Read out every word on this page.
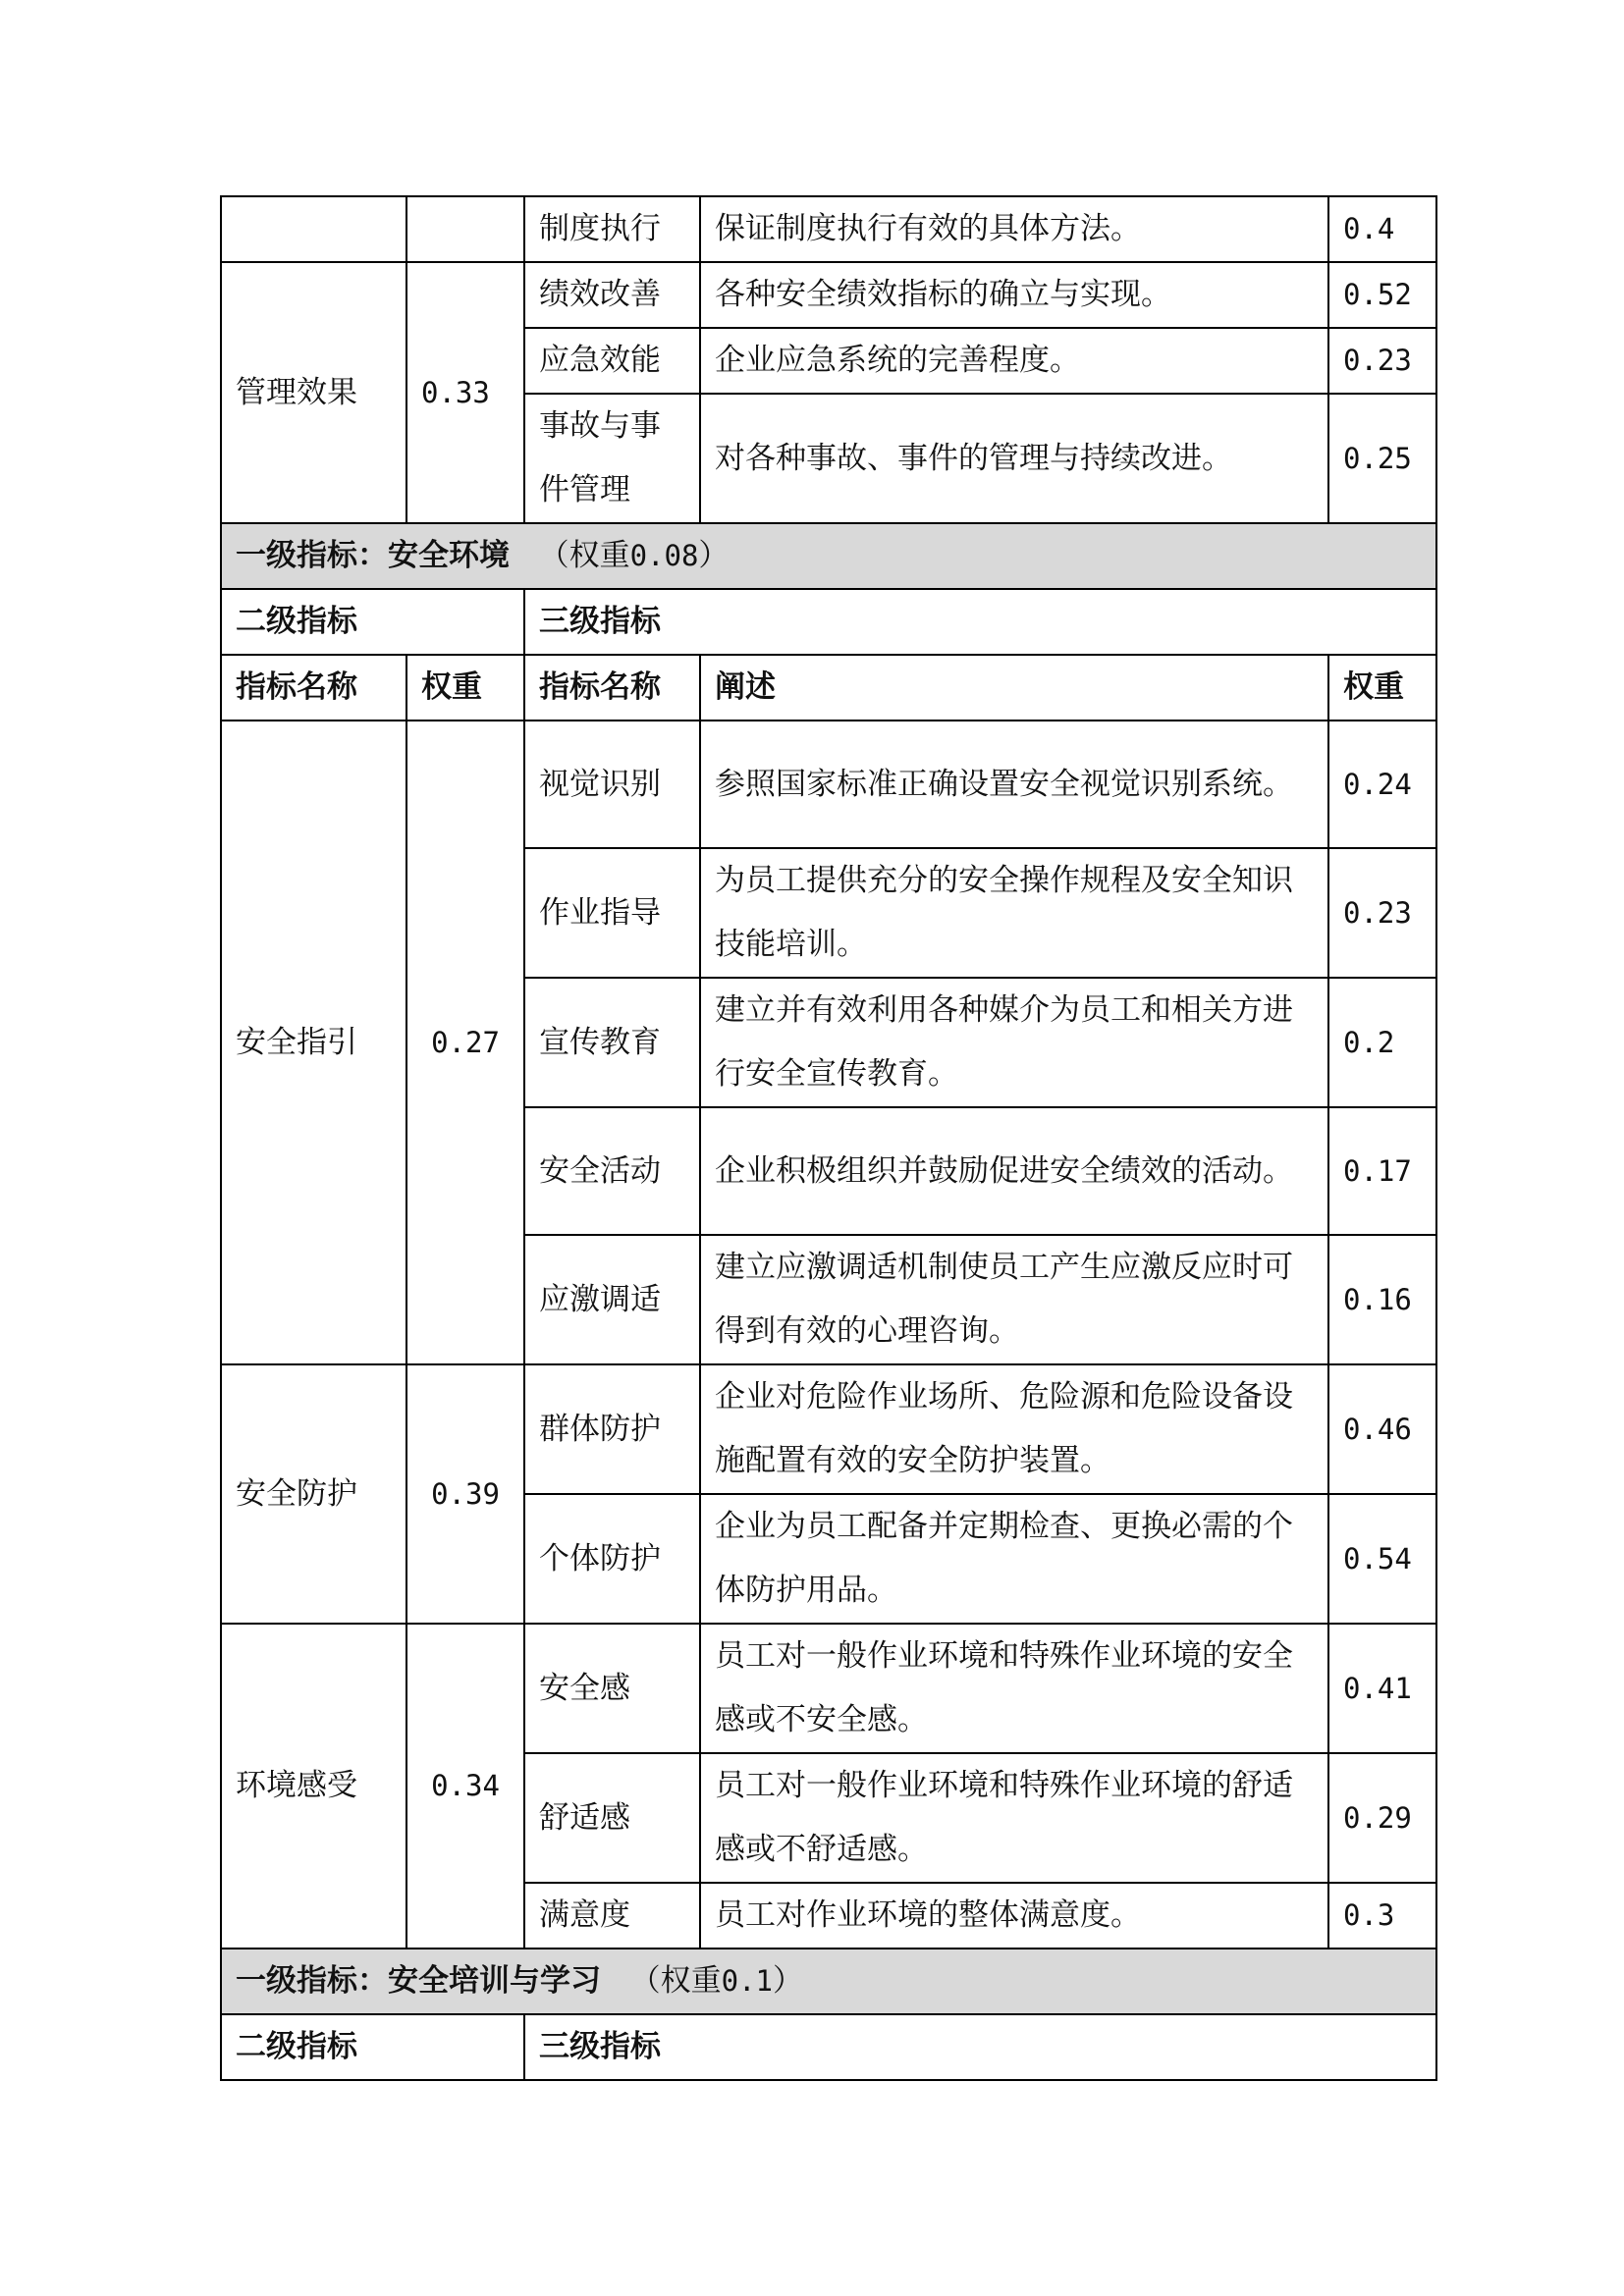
		制度执行	保证制度执行有效的具体方法。	0.4
管理效果	0.33	绩效改善	各种安全绩效指标的确立与实现。	0.52
		应急效能	企业应急系统的完善程度。	0.23
		事故与事件管理	对各种事故、事件的管理与持续改进。	0.25
一级指标：安全环境 （权重0.08）				
二级指标		三级指标		
指标名称	权重	指标名称	阐述	权重
安全指引	0.27	视觉识别	参照国家标准正确设置安全视觉识别系统。	0.24
		作业指导	为员工提供充分的安全操作规程及安全知识技能培训。	0.23
		宣传教育	建立并有效利用各种媒介为员工和相关方进行安全宣传教育。	0.2
		安全活动	企业积极组织并鼓励促进安全绩效的活动。	0.17
		应激调适	建立应激调适机制使员工产生应激反应时可得到有效的心理咨询。	0.16
安全防护	0.39	群体防护	企业对危险作业场所、危险源和危险设备设施配置有效的安全防护装置。	0.46
		个体防护	企业为员工配备并定期检查、更换必需的个体防护用品。	0.54
环境感受	0.34	安全感	员工对一般作业环境和特殊作业环境的安全感或不安全感。	0.41
		舒适感	员工对一般作业环境和特殊作业环境的舒适感或不舒适感。	0.29
		满意度	员工对作业环境的整体满意度。	0.3
一级指标：安全培训与学习 （权重0.1）				
二级指标		三级指标		
